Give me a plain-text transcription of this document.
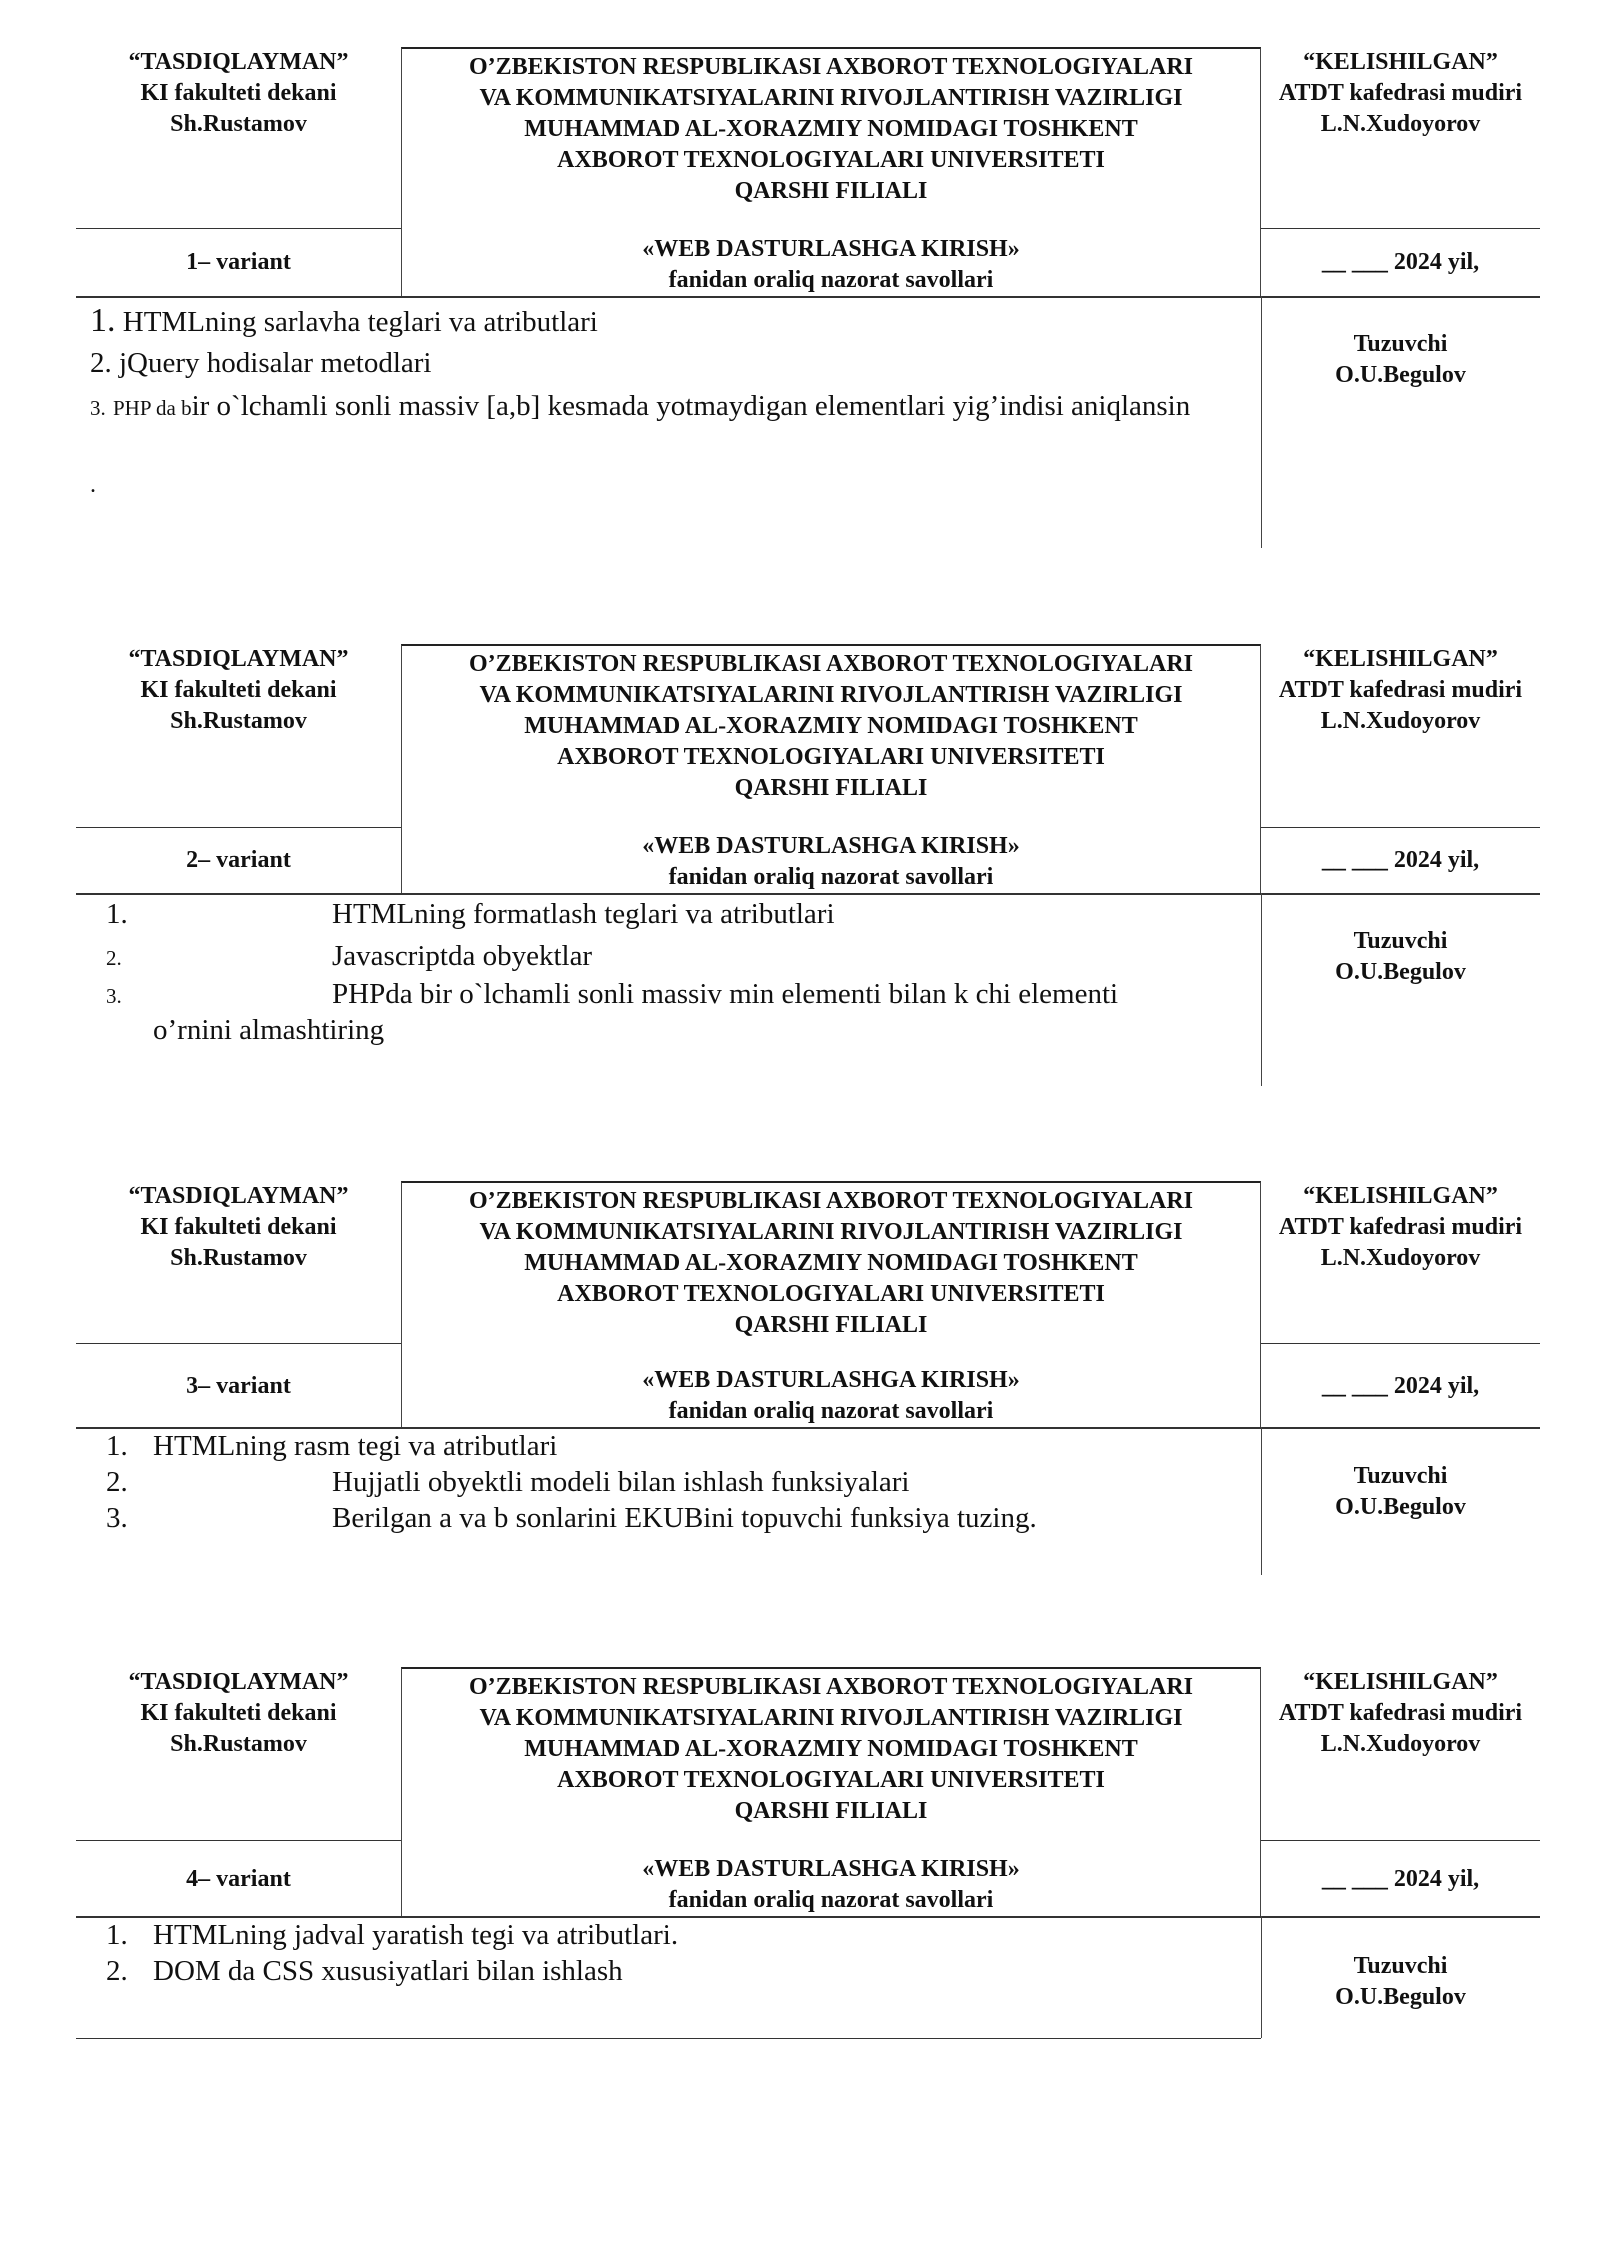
“TASDIQLAYMAN”
KI fakulteti dekani
Sh.Rustamov
O’ZBEKISTON RESPUBLIKASI AXBOROT TEXNOLOGIYALARI
VA KOMMUNIKATSIYALARINI RIVOJLANTIRISH VAZIRLIGI
MUHAMMAD AL-XORAZMIY NOMIDAGI TOSHKENT
AXBOROT TEXNOLOGIYALARI UNIVERSITETI
QARSHI FILIALI
«WEB DASTURLASHGA KIRISH»
fanidan oraliq nazorat savollari
“KELISHILGAN”
ATDT kafedrasi mudiri
L.N.Xudoyorov
1– variant	__ ___ 2024 yil,
Tuzuvchi
O.U.Begulov
1. HTMLning sarlavha teglari va atributlari
2. jQuery hodisalar metodlari
3. PHP da bir o`lchamli sonli massiv [a,b] kesmada yotmaydigan elementlari yig’indisi aniqlansin
.
“TASDIQLAYMAN”
KI fakulteti dekani
Sh.Rustamov
O’ZBEKISTON RESPUBLIKASI AXBOROT TEXNOLOGIYALARI
VA KOMMUNIKATSIYALARINI RIVOJLANTIRISH VAZIRLIGI
MUHAMMAD AL-XORAZMIY NOMIDAGI TOSHKENT
AXBOROT TEXNOLOGIYALARI UNIVERSITETI
QARSHI FILIALI
«WEB DASTURLASHGA KIRISH»
fanidan oraliq nazorat savollari
“KELISHILGAN”
ATDT kafedrasi mudiri
L.N.Xudoyorov
2– variant	__ ___ 2024 yil,
Tuzuvchi
O.U.Begulov
1.	HTMLning formatlash teglari va atributlari
2.	Javascriptda obyektlar
3.	PHPda bir o`lchamli sonli massiv min elementi bilan k chi elementi
o’rnini almashtiring
“TASDIQLAYMAN”
KI fakulteti dekani
Sh.Rustamov
O’ZBEKISTON RESPUBLIKASI AXBOROT TEXNOLOGIYALARI
VA KOMMUNIKATSIYALARINI RIVOJLANTIRISH VAZIRLIGI
MUHAMMAD AL-XORAZMIY NOMIDAGI TOSHKENT
AXBOROT TEXNOLOGIYALARI UNIVERSITETI
QARSHI FILIALI
«WEB DASTURLASHGA KIRISH»
fanidan oraliq nazorat savollari
“KELISHILGAN”
ATDT kafedrasi mudiri
L.N.Xudoyorov
3– variant	__ ___ 2024 yil,
Tuzuvchi
O.U.Begulov
1. HTMLning rasm tegi va atributlari
2.	Hujjatli obyektli modeli bilan ishlash funksiyalari
3.	Berilgan a va b sonlarini EKUBini topuvchi funksiya tuzing.
“TASDIQLAYMAN”
KI fakulteti dekani
Sh.Rustamov
O’ZBEKISTON RESPUBLIKASI AXBOROT TEXNOLOGIYALARI
VA KOMMUNIKATSIYALARINI RIVOJLANTIRISH VAZIRLIGI
MUHAMMAD AL-XORAZMIY NOMIDAGI TOSHKENT
AXBOROT TEXNOLOGIYALARI UNIVERSITETI
QARSHI FILIALI
«WEB DASTURLASHGA KIRISH»
fanidan oraliq nazorat savollari
“KELISHILGAN”
ATDT kafedrasi mudiri
L.N.Xudoyorov
4– variant	__ ___ 2024 yil,
Tuzuvchi
O.U.Begulov
1. HTMLning jadval yaratish tegi va atributlari.
2. DOM da CSS xususiyatlari bilan ishlash
